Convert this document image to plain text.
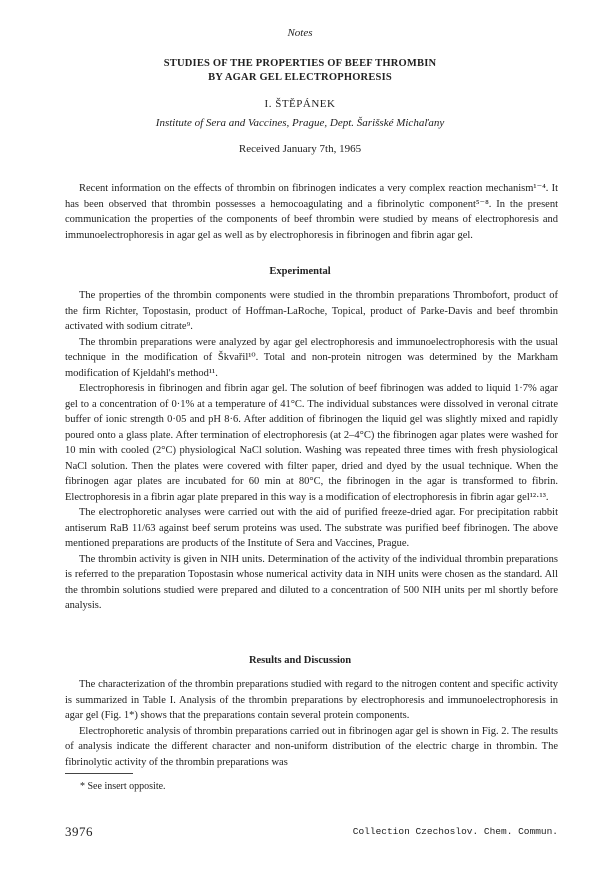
Notes
STUDIES OF THE PROPERTIES OF BEEF THROMBIN
BY AGAR GEL ELECTROPHORESIS
I. ŠTĚPÁNEK
Institute of Sera and Vaccines, Prague, Dept. Šarišské Michaľany
Received January 7th, 1965

Recent information on the effects of thrombin on fibrinogen indicates a very complex reaction mechanism¹⁻⁴. It has been observed that thrombin possesses a hemocoagulating and a fibrinolytic component⁵⁻⁸. In the present communication the properties of the components of beef thrombin were studied by means of electrophoresis and immunoelectrophoresis in agar gel as well as by electrophoresis in fibrinogen and fibrin agar gel.

Experimental

The properties of the thrombin components were studied in the thrombin preparations Thrombofort, product of the firm Richter, Topostasin, product of Hoffman-LaRoche, Topical, product of Parke-Davis and beef thrombin activated with sodium citrate⁹.

The thrombin preparations were analyzed by agar gel electrophoresis and immunoelectrophoresis with the usual technique in the modification of Škvařil¹⁰. Total and non-protein nitrogen was determined by the Markham modification of Kjeldahl's method¹¹.

Electrophoresis in fibrinogen and fibrin agar gel. The solution of beef fibrinogen was added to liquid 1·7% agar gel to a concentration of 0·1% at a temperature of 41°C. The individual substances were dissolved in veronal citrate buffer of ionic strength 0·05 and pH 8·6. After addition of fibrinogen the liquid gel was slightly mixed and rapidly poured onto a glass plate. After termination of electrophoresis (at 2–4°C) the fibrinogen agar plates were washed for 10 min with cooled (2°C) physiological NaCl solution. Washing was repeated three times with fresh physiological NaCl solution. Then the plates were covered with filter paper, dried and dyed by the usual technique. When the fibrinogen agar plates are incubated for 60 min at 80°C, the fibrinogen in the agar is transformed to fibrin. Electrophoresis in a fibrin agar plate prepared in this way is a modification of electrophoresis in fibrin agar gel¹²·¹³.

The electrophoretic analyses were carried out with the aid of purified freeze-dried agar. For precipitation rabbit antiserum RaB 11/63 against beef serum proteins was used. The substrate was purified beef fibrinogen. The above mentioned preparations are products of the Institute of Sera and Vaccines, Prague.

The thrombin activity is given in NIH units. Determination of the activity of the individual thrombin preparations is referred to the preparation Topostasin whose numerical activity data in NIH units were chosen as the standard. All the thrombin solutions studied were prepared and diluted to a concentration of 500 NIH units per ml shortly before analysis.

Results and Discussion

The characterization of the thrombin preparations studied with regard to the nitrogen content and specific activity is summarized in Table I. Analysis of the thrombin preparations by electrophoresis and immunoelectrophoresis in agar gel (Fig. 1*) shows that the preparations contain several protein components.

Electrophoretic analysis of thrombin preparations carried out in fibrinogen agar gel is shown in Fig. 2. The results of analysis indicate the different character and non-uniform distribution of the electric charge in thrombin. The fibrinolytic activity of the thrombin preparations was

* See insert opposite.
3976	Collection Czechoslov. Chem. Commun.
